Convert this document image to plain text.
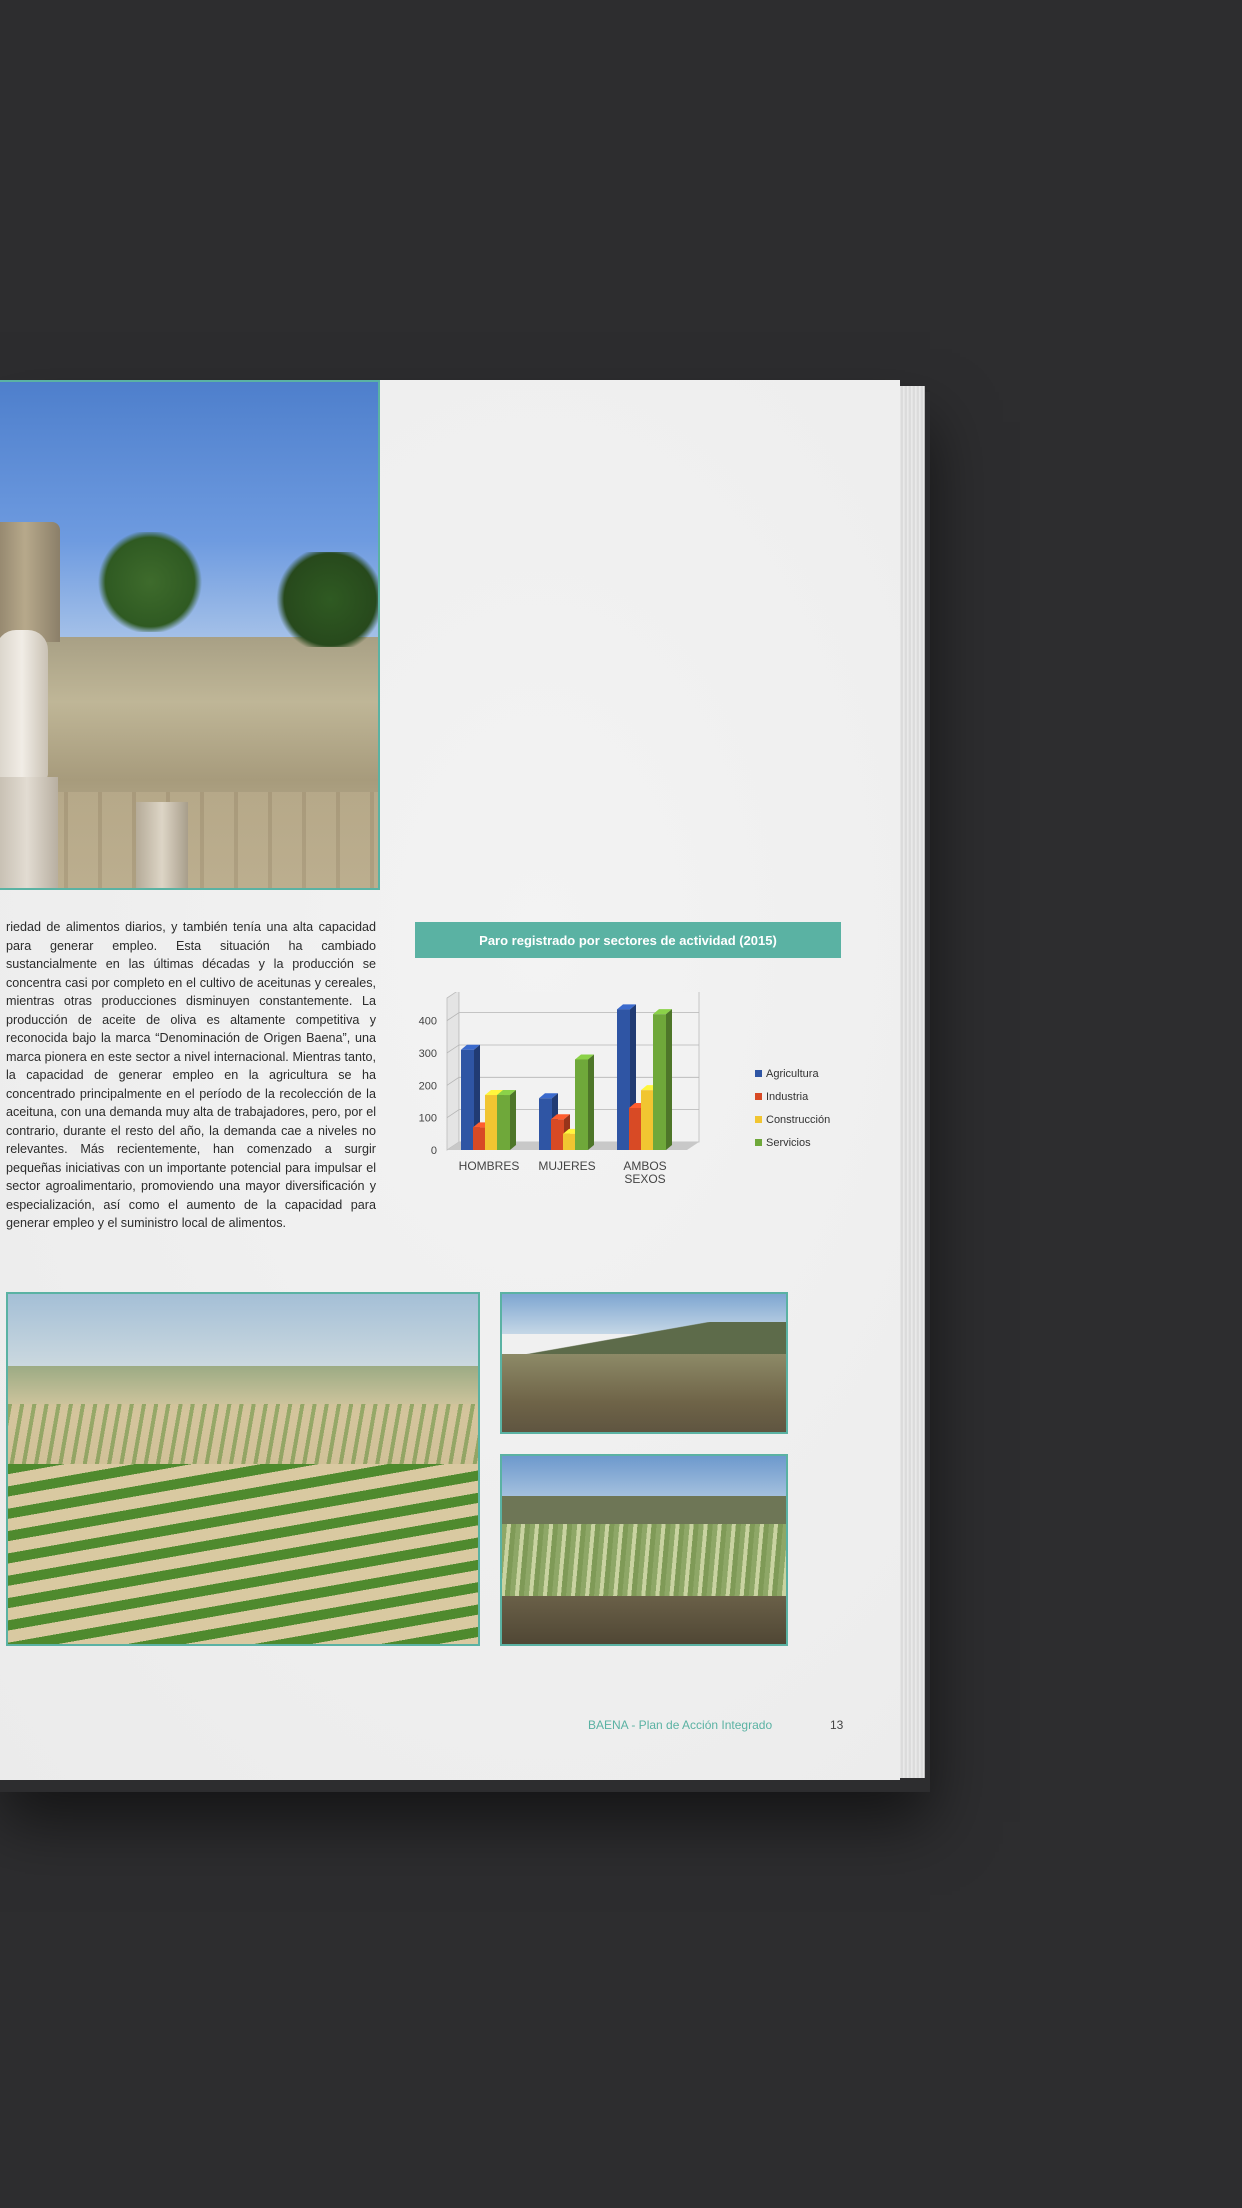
riedad de alimentos diarios, y también tenía una alta capacidad para generar empleo. Esta situación ha cambiado sustancialmente en las últimas décadas y la producción se concentra casi por completo en el cultivo de aceitunas y cereales, mientras otras producciones disminuyen constantemente. La producción de aceite de oliva es altamente competitiva y reconocida bajo la marca “Denominación de Origen Baena”, una marca pionera en este sector a nivel internacional. Mientras tanto, la capacidad de generar empleo en la agricultura se ha concentrado principalmente en el período de la recolección de la aceituna, con una demanda muy alta de trabajadores, pero, por el contrario, durante el resto del año, la demanda cae a niveles no relevantes. Más recientemente, han comenzado a surgir pequeñas iniciativas con un importante potencial para impulsar el sector agroalimentario, promoviendo una mayor diversificación y especialización, así como el aumento de la capacidad para generar empleo y el suministro local de alimentos.

Paro registrado por sectores de actividad (2015)
0
100
200
300
400
HOMBRES MUJERES AMBOS
SEXOS
Agricultura
Industria
Construcción
Servicios
BAENA - Plan de Acción Integrado	13
